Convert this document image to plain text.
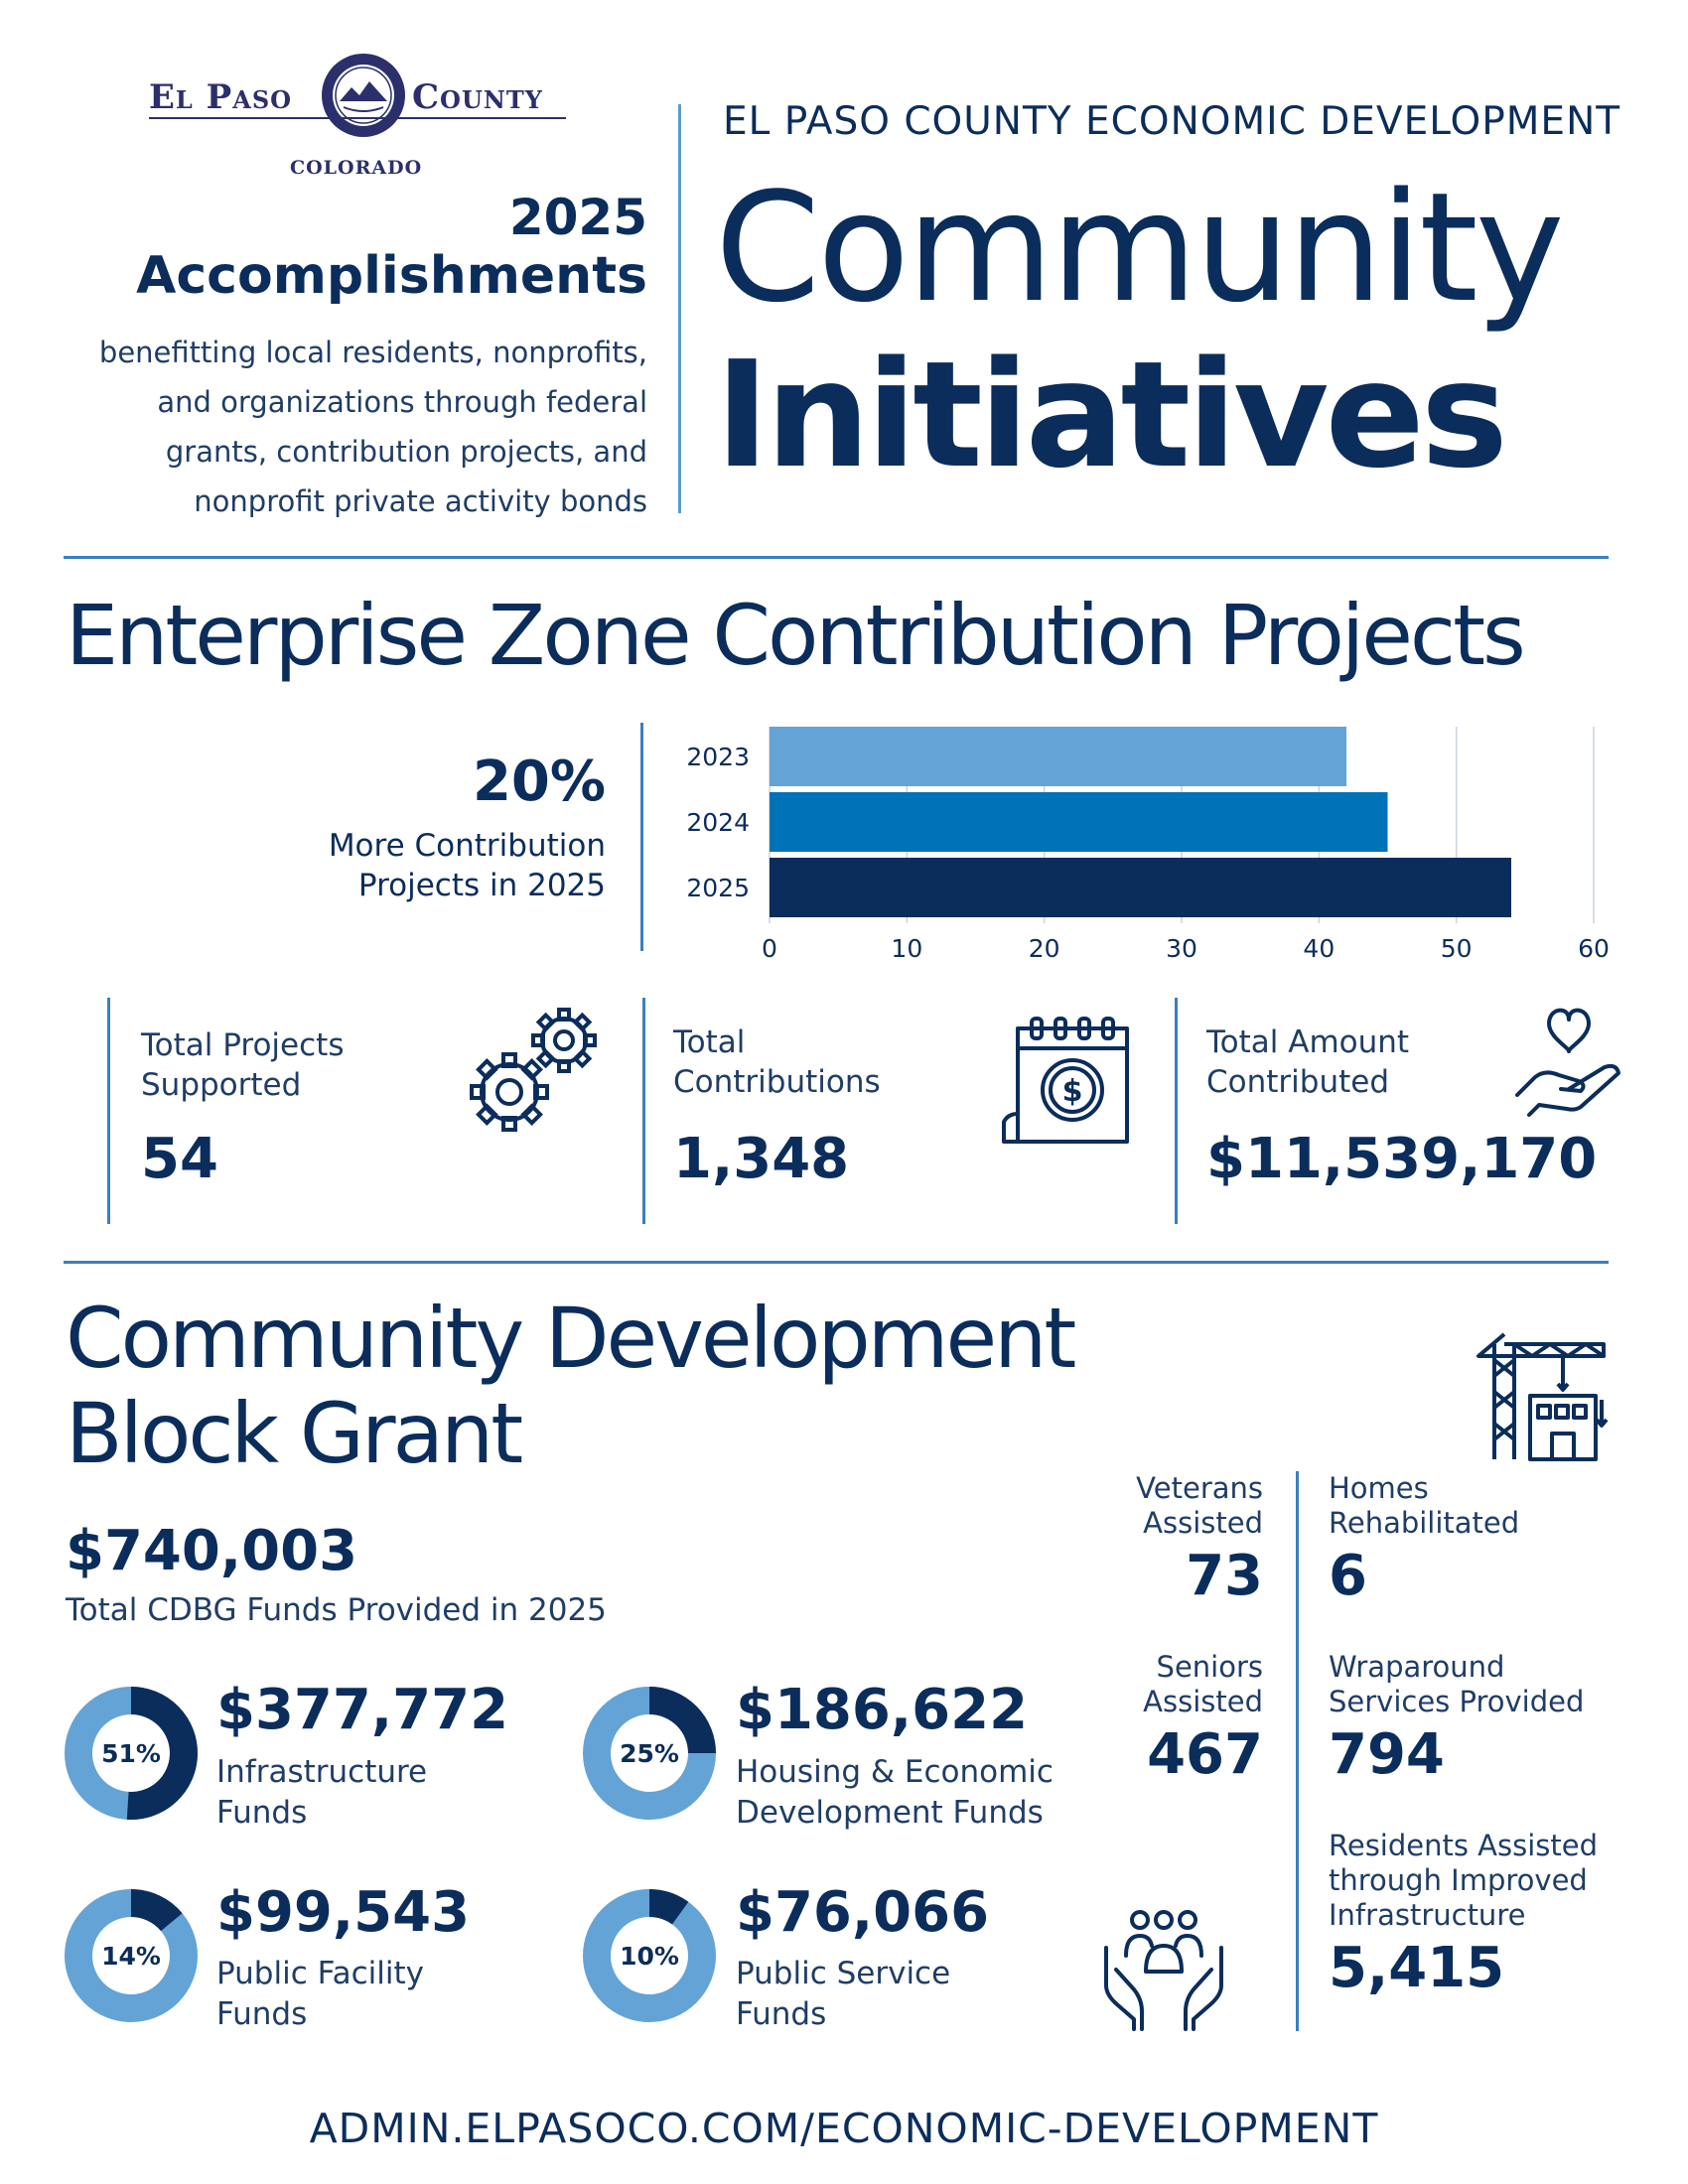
El Paso	County
COLORADO
2025
Accomplishments
benefitting local residents, nonprofits, and organizations through federal grants, contribution projects, and nonprofit private activity bonds
EL PASO COUNTY ECONOMIC DEVELOPMENT
Community
Initiatives
Enterprise Zone Contribution Projects
20%
More Contribution Projects in 2025
0	10	20	30	40	50	60
2023
2024
2025
Total Projects Supported
54
Total Contributions
1,348
$
Total Amount Contributed
$11,539,170
Community Development
Block Grant
$740,003
Total CDBG Funds Provided in 2025
51%
$377,772
Infrastructure
Funds
25%
$186,622
Housing & Economic
Development Funds
14%
$99,543
Public Facility
Funds
10%
$76,066
Public Service
Funds
Veterans
Assisted
73
Seniors
Assisted
467
Homes
Rehabilitated
6
Wraparound
Services Provided
794
Residents Assisted
through Improved
Infrastructure
5,415
ADMIN.ELPASOCO.COM/ECONOMIC-DEVELOPMENT
